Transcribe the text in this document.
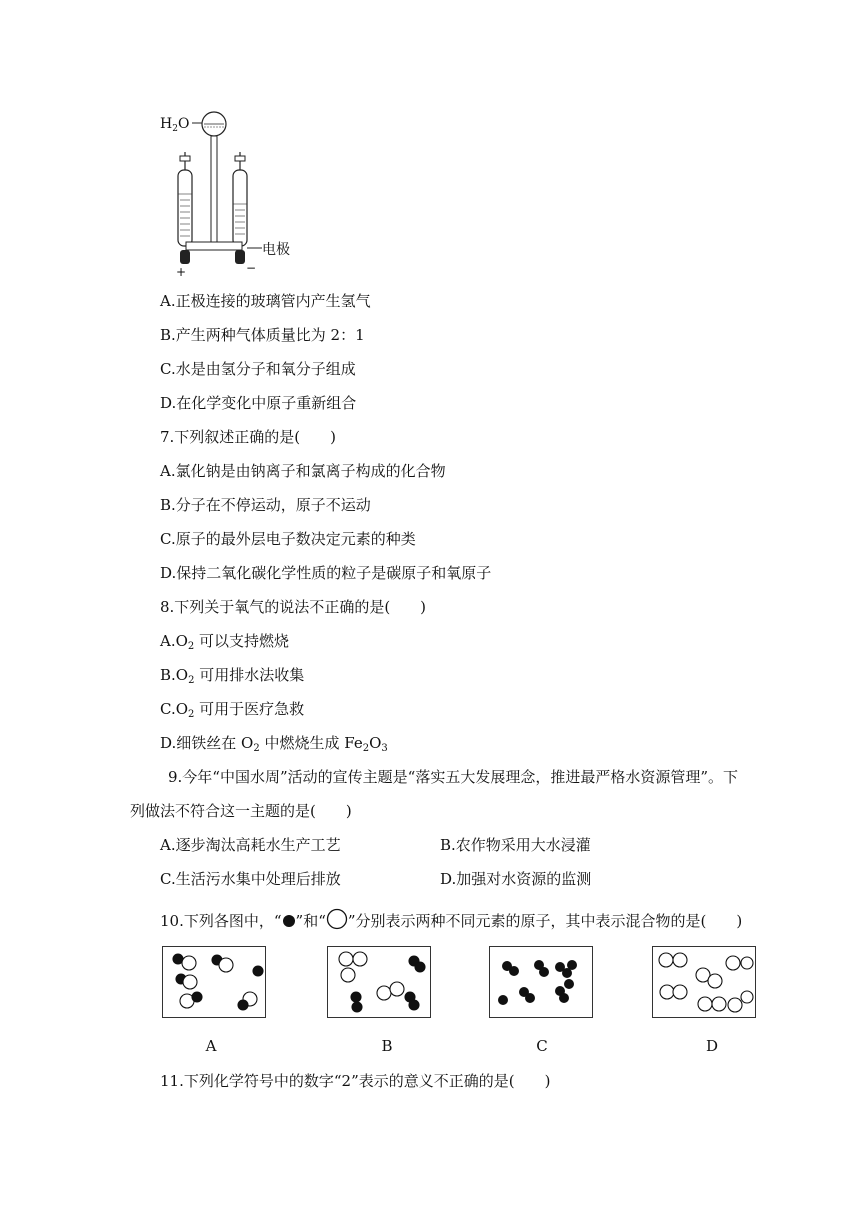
$H_2O$
电极
+	−
A.正极连接的玻璃管内产生氢气
B.产生两种气体质量比为 2：1
C.水是由氢分子和氧分子组成
D.在化学变化中原子重新组合
7.下列叙述正确的是(　　)
A.氯化钠是由钠离子和氯离子构成的化合物
B.分子在不停运动，原子不运动
C.原子的最外层电子数决定元素的种类
D.保持二氧化碳化学性质的粒子是碳原子和氧原子
8.下列关于氧气的说法不正确的是(　　)
$A.O_2$ 可以支持燃烧
$B.O_2$ 可用排水法收集
$C.O_2$ 可用于医疗急救
D.细铁丝在 $O_2$ 中燃烧生成 $Fe_2O_3$
9.今年“中国水周”活动的宣传主题是“落实五大发展理念，推进最严格水资源管理”。下
列做法不符合这一主题的是(　　)
A.逐步淘汰高耗水生产工艺	B.农作物采用大水浸灌
C.生活污水集中处理后排放	D.加强对水资源的监测
10.下列各图中，“ ”和“ ”分别表示两种不同元素的原子，其中表示混合物的是(　　)
A	B	C	D
11.下列化学符号中的数字“2”表示的意义不正确的是(　　)
